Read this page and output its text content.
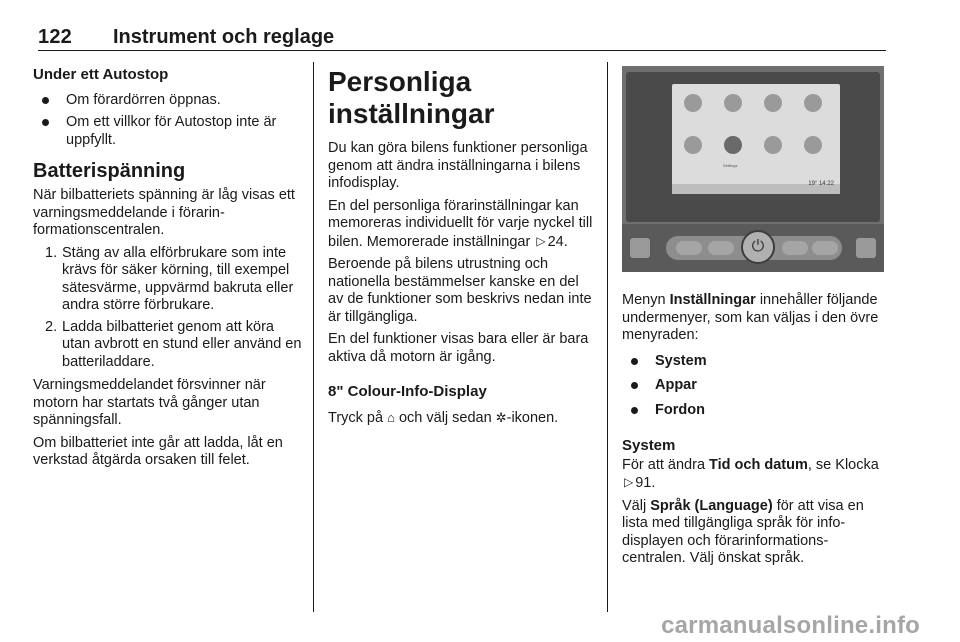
122 Instrument och reglage
Under ett Autostop
Om förardörren öppnas.
Om ett villkor för Autostop inte är uppfyllt.
Batterispänning

När bilbatteriets spänning är låg visas ett varningsmeddelande i förarinformationscentralen.

1. Stäng av alla elförbrukare som inte krävs för säker körning, till exempel sätesvärme, uppvärmd bakruta eller andra större förbrukare.
2. Ladda bilbatteriet genom att köra utan avbrott en stund eller använd en batteriladdare.

Varningsmeddelandet försvinner när motorn har startats två gånger utan spänningsfall.

Om bilbatteriet inte går att ladda, låt en verkstad åtgärda orsaken till felet.

Personliga inställningar

Du kan göra bilens funktioner personliga genom att ändra inställningarna i bilens infodisplay.

En del personliga förarinställningar kan memoreras individuellt för varje nyckel till bilen. Memorerade inställningar ▷ 24.

Beroende på bilens utrustning och nationella bestämmelser kanske en del av de funktioner som beskrivs nedan inte är tillgängliga.

En del funktioner visas bara eller är bara aktiva då motorn är igång.

8" Colour-Info-Display

Tryck på ⌂ och välj sedan ✲-ikonen.

Settings
19° 14:22
⏻

Menyn Inställningar innehåller följande undermenyer, som kan väljas i den övre menyraden:

System
Appar
Fordon
System

För att ändra Tid och datum, se Klocka ▷ 91.

Välj Språk (Language) för att visa en lista med tillgängliga språk för infodisplayen och förarinformationscentralen. Välj önskat språk.

carmanualsonline.info
